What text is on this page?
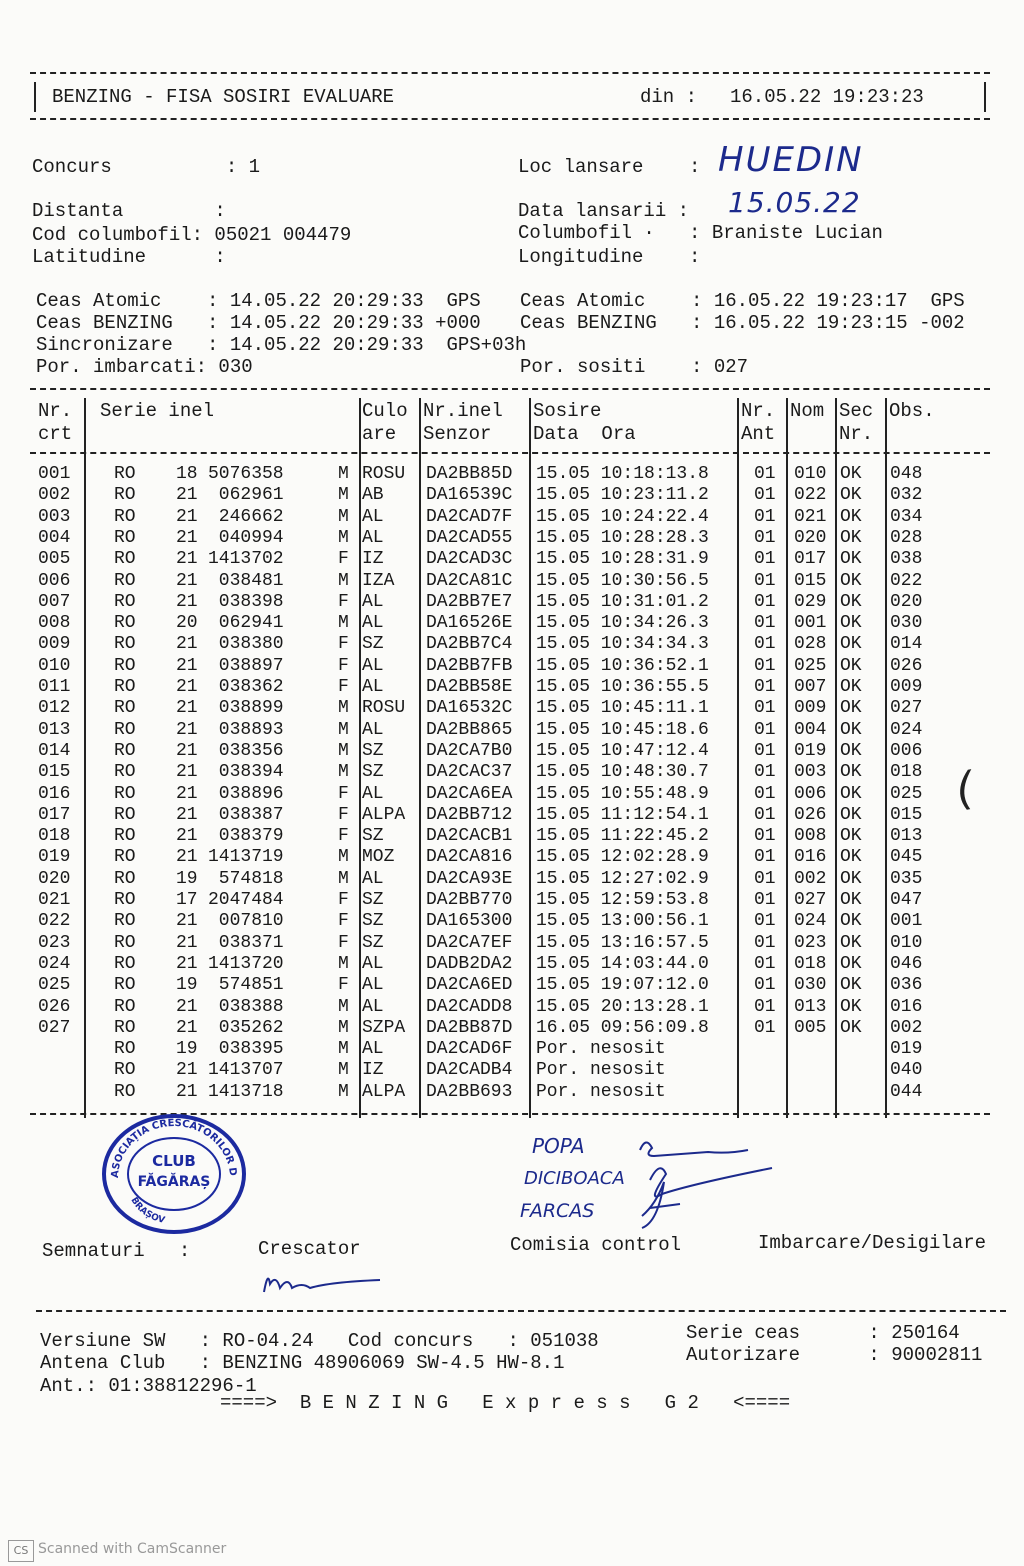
BENZING - FISA SOSIRI EVALUARE	din : 16.05.22 19:23:23
Concurs          : 1
Distanta        :
Cod columbofil: 05021 004479
Latitudine      :
Loc lansare    :
Data lansarii :
Columbofil ·   : Braniste Lucian
Longitudine    :
HUEDIN
15.05.22
Ceas Atomic    : 14.05.22 20:29:33  GPS
Ceas BENZING   : 14.05.22 20:29:33 +000
Sincronizare   : 14.05.22 20:29:33  GPS+03h
Por. imbarcati: 030
Ceas Atomic    : 16.05.22 19:23:17  GPS
Ceas BENZING   : 16.05.22 19:23:15 -002
Por. sositi    : 027
Nr.
crt
Serie inel	Culo
are
Nr.inel
Senzor
Sosire
Data  Ora
Nr.
Ant
Nom Sec
Nr.
Obs.
001 RO 18 5076358	M ROSU DA2BB85D 15.05 10:18:13.8	01 010 OK 048
002 RO 21 062961	M AB DA16539C 15.05 10:23:11.2	01 022 OK 032
003 RO 21 246662	M AL DA2CAD7F 15.05 10:24:22.4	01 021 OK 034
004 RO 21 040994	M AL DA2CAD55 15.05 10:28:28.3	01 020 OK 028
005 RO 21 1413702	F IZ DA2CAD3C 15.05 10:28:31.9	01 017 OK 038
006 RO 21 038481	M IZA DA2CA81C 15.05 10:30:56.5	01 015 OK 022
007 RO 21 038398	F AL DA2BB7E7 15.05 10:31:01.2	01 029 OK 020
008 RO 20 062941	M AL DA16526E 15.05 10:34:26.3	01 001 OK 030
009 RO 21 038380	F SZ DA2BB7C4 15.05 10:34:34.3	01 028 OK 014
010 RO 21 038897	F AL DA2BB7FB 15.05 10:36:52.1	01 025 OK 026
011 RO 21 038362	F AL DA2BB58E 15.05 10:36:55.5	01 007 OK 009
012 RO 21 038899	M ROSU DA16532C 15.05 10:45:11.1	01 009 OK 027
013 RO 21 038893	M AL DA2BB865 15.05 10:45:18.6	01 004 OK 024
014 RO 21 038356	M SZ DA2CA7B0 15.05 10:47:12.4	01 019 OK 006
015 RO 21 038394	M SZ DA2CAC37 15.05 10:48:30.7	01 003 OK 018
016 RO 21 038896	F AL DA2CA6EA 15.05 10:55:48.9	01 006 OK 025
017 RO 21 038387	F ALPA DA2BB712 15.05 11:12:54.1	01 026 OK 015
018 RO 21 038379	F SZ DA2CACB1 15.05 11:22:45.2	01 008 OK 013
019 RO 21 1413719	M MOZ DA2CA816 15.05 12:02:28.9	01 016 OK 045
020 RO 19 574818	M AL DA2CA93E 15.05 12:27:02.9	01 002 OK 035
021 RO 17 2047484	F SZ DA2BB770 15.05 12:59:53.8	01 027 OK 047
022 RO 21 007810	F SZ DA165300 15.05 13:00:56.1	01 024 OK 001
023 RO 21 038371	F SZ DA2CA7EF 15.05 13:16:57.5	01 023 OK 010
024 RO 21 1413720	M AL DADB2DA2 15.05 14:03:44.0	01 018 OK 046
025 RO 19 574851	F AL DA2CA6ED 15.05 19:07:12.0	01 030 OK 036
026 RO 21 038388	M AL DA2CADD8 15.05 20:13:28.1	01 013 OK 016
027 RO 21 035262	M SZPA DA2BB87D 16.05 09:56:09.8	01 005 OK 002
RO 19 038395	M AL DA2CAD6F Por. nesosit	019
RO 21 1413707	M IZ DA2CADB4 Por. nesosit	040
RO 21 1413718	M ALPA DA2BB693 Por. nesosit	044
(
ASOCIAȚIA CRESCĂTORILOR D
CLUB
FĂGĂRAȘ
BRAȘOV
POPA
DICIBOACA
FARCAS
Semnaturi   :	Crescator	Comisia control	Imbarcare/Desigilare
Versiune SW   : RO-04.24   Cod concurs   : 051038
Antena Club   : BENZING 48906069 SW-4.5 HW-8.1
Ant.: 01:38812296-1
====>  B E N Z I N G   E x p r e s s   G 2   <====
Serie ceas      : 250164
Autorizare      : 90002811
CS Scanned with CamScanner
